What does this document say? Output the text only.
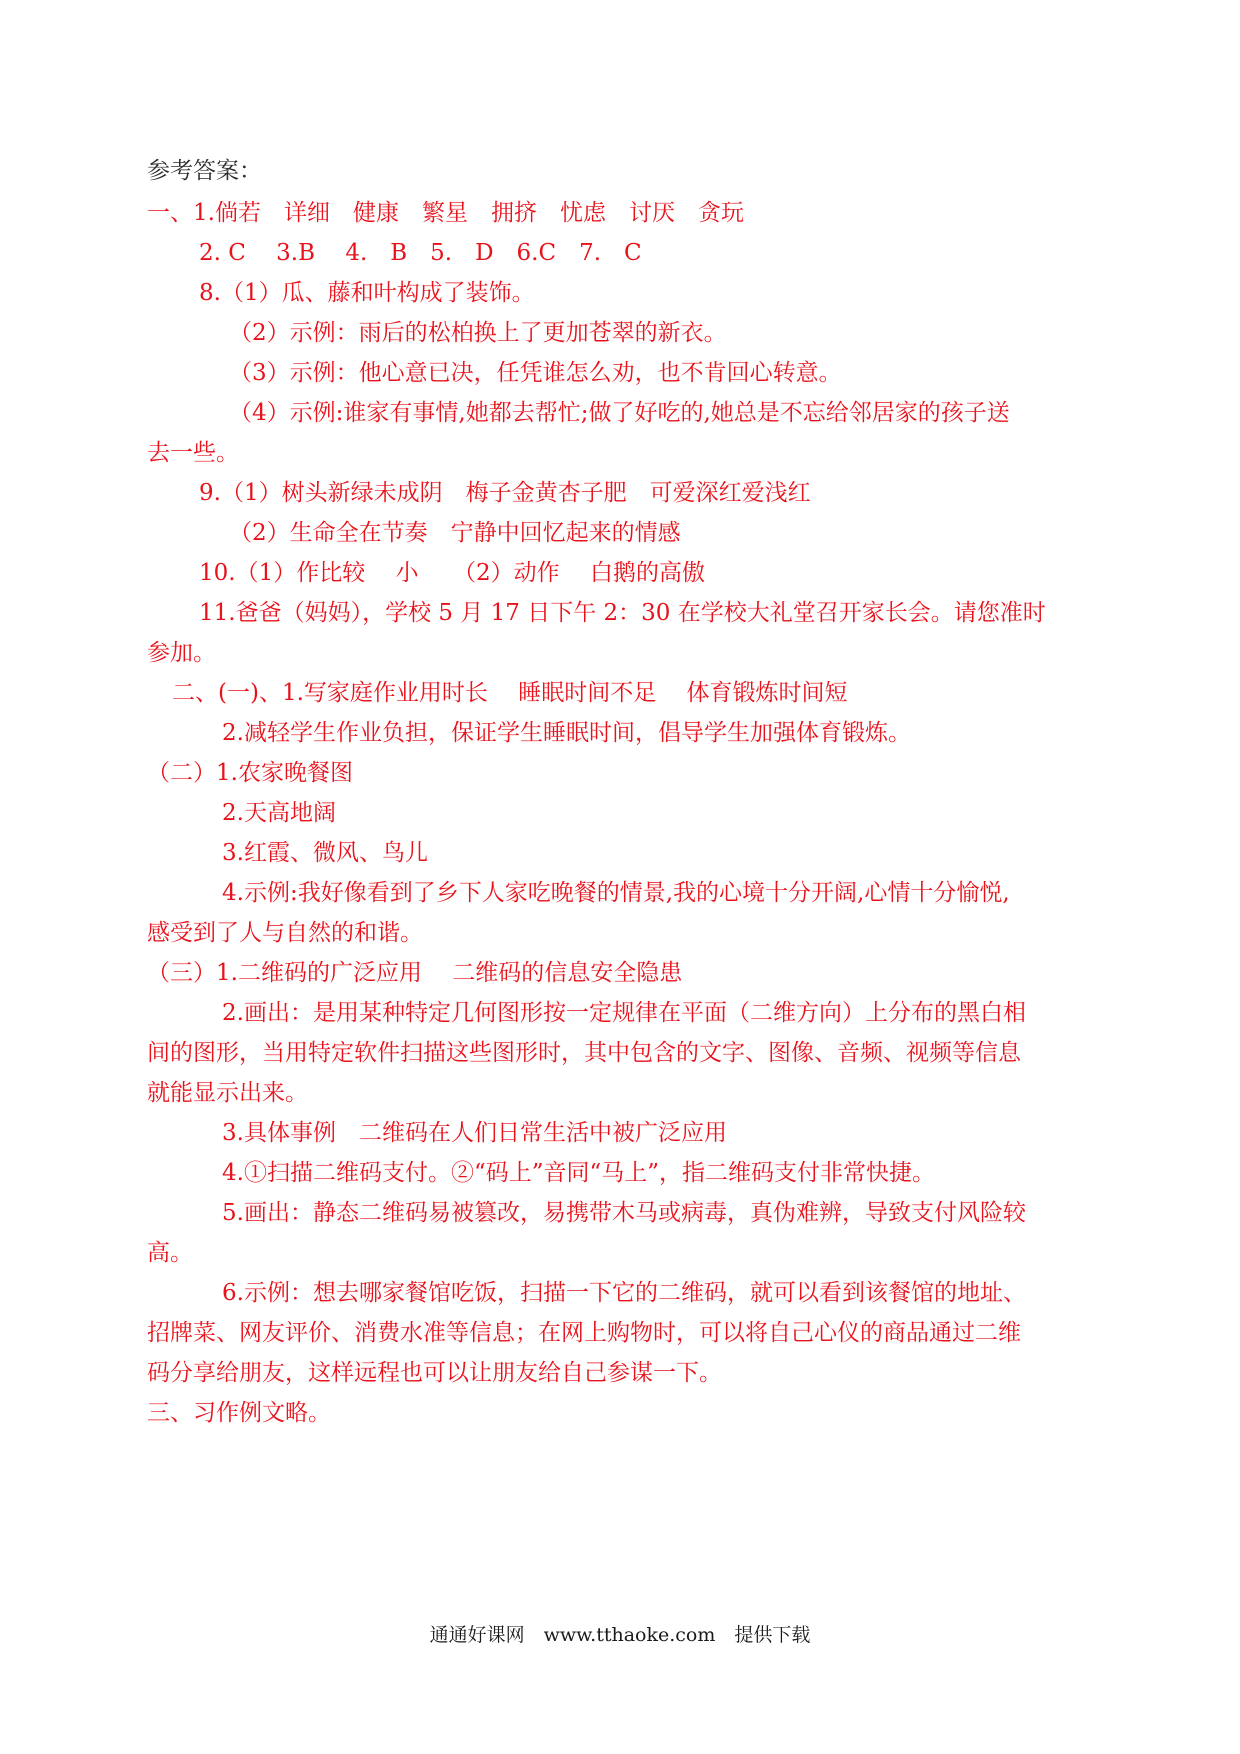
参考答案：
一、1.倘若　详细　健康　繁星　拥挤　忧虑　讨厌　贪玩
2. C　 3.B　 4.　B　5.　D　6.C　7.　C
8.（1）瓜、藤和叶构成了装饰。
（2）示例：雨后的松柏换上了更加苍翠的新衣。
（3）示例：他心意已决，任凭谁怎么劝，也不肯回心转意。
（4）示例:谁家有事情,她都去帮忙;做了好吃的,她总是不忘给邻居家的孩子送
去一些。
9.（1）树头新绿未成阴　梅子金黄杏子肥　可爱深红爱浅红
（2）生命全在节奏　宁静中回忆起来的情感
10.（1）作比较　 小　　（2）动作　 白鹅的高傲
11.爸爸（妈妈），学校 5 月 17 日下午 2：30 在学校大礼堂召开家长会。请您准时
参加。
二、(一)、1.写家庭作业用时长　 睡眠时间不足　 体育锻炼时间短
2.减轻学生作业负担，保证学生睡眠时间，倡导学生加强体育锻炼。
（二）1.农家晚餐图
2.天高地阔
3.红霞、微风、鸟儿
4.示例:我好像看到了乡下人家吃晚餐的情景,我的心境十分开阔,心情十分愉悦,
感受到了人与自然的和谐。
（三）1.二维码的广泛应用　 二维码的信息安全隐患
2.画出：是用某种特定几何图形按一定规律在平面（二维方向）上分布的黑白相
间的图形，当用特定软件扫描这些图形时，其中包含的文字、图像、音频、视频等信息
就能显示出来。
3.具体事例　二维码在人们日常生活中被广泛应用
4.①扫描二维码支付。②“码上”音同“马上”，指二维码支付非常快捷。
5.画出：静态二维码易被篡改，易携带木马或病毒，真伪难辨，导致支付风险较
高。
6.示例：想去哪家餐馆吃饭，扫描一下它的二维码，就可以看到该餐馆的地址、
招牌菜、网友评价、消费水准等信息；在网上购物时，可以将自己心仪的商品通过二维
码分享给朋友，这样远程也可以让朋友给自己参谋一下。
三、习作例文略。
通通好课网　www.tthaoke.com　提供下载
